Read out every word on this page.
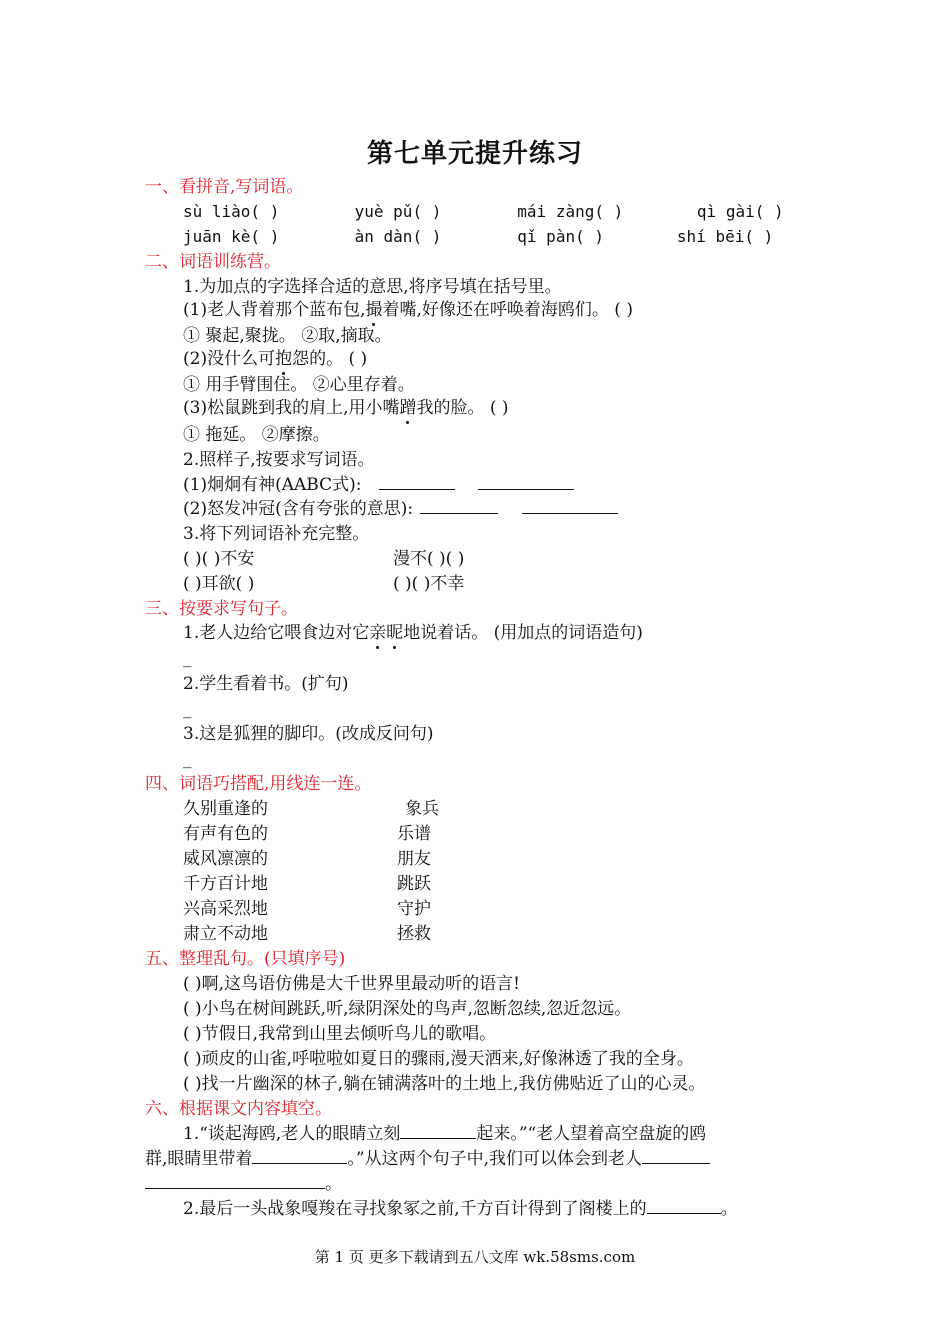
第七单元提升练习
一、看拼音,写词语。
sù liào( )	yuè pǔ( )	mái zàng( )	qì gài( )
juān kè( )	àn dàn( )	qǐ pàn( )	shí bēi( )
二、词语训练营。
1.为加点的字选择合适的意思,将序号填在括号里。
(1)老人背着那个蓝布包,撮着嘴,好像还在呼唤着海鸥们。 ( )
① 聚起,聚拢。 ②取,摘取。
(2)没什么可抱怨的。 ( )
① 用手臂围住。 ②心里存着。
(3)松鼠跳到我的肩上,用小嘴蹭我的脸。 ( )
① 拖延。 ②摩擦。
2.照样子,按要求写词语。
(1)炯炯有神(AABC式):
(2)怒发冲冠(含有夸张的意思):
3.将下列词语补充完整。
( )( )不安	漫不( )( )
( )耳欲( )	( )( )不幸
三、按要求写句子。
1.老人边给它喂食边对它亲昵地说着话。 (用加点的词语造句)
_
2.学生看着书。(扩句)
_
3.这是狐狸的脚印。(改成反问句)
_
四、词语巧搭配,用线连一连。
久别重逢的	象兵
有声有色的	乐谱
威风凛凛的	朋友
千方百计地	跳跃
兴高采烈地	守护
肃立不动地	拯救
五、整理乱句。(只填序号)
( )啊,这鸟语仿佛是大千世界里最动听的语言!
( )小鸟在树间跳跃,听,绿阴深处的鸟声,忽断忽续,忽近忽远。
( )节假日,我常到山里去倾听鸟儿的歌唱。
( )顽皮的山雀,呼啦啦如夏日的骤雨,漫天洒来,好像淋透了我的全身。
( )找一片幽深的林子,躺在铺满落叶的土地上,我仿佛贴近了山的心灵。
六、根据课文内容填空。
1.“谈起海鸥,老人的眼睛立刻	起来。”“老人望着高空盘旋的鸥
群,眼睛里带着	。”从这两个句子中,我们可以体会到老人
。
2.最后一头战象嘎羧在寻找象冢之前,千方百计得到了阁楼上的	。
第 1 页 更多下载请到五八文库 wk.58sms.com
